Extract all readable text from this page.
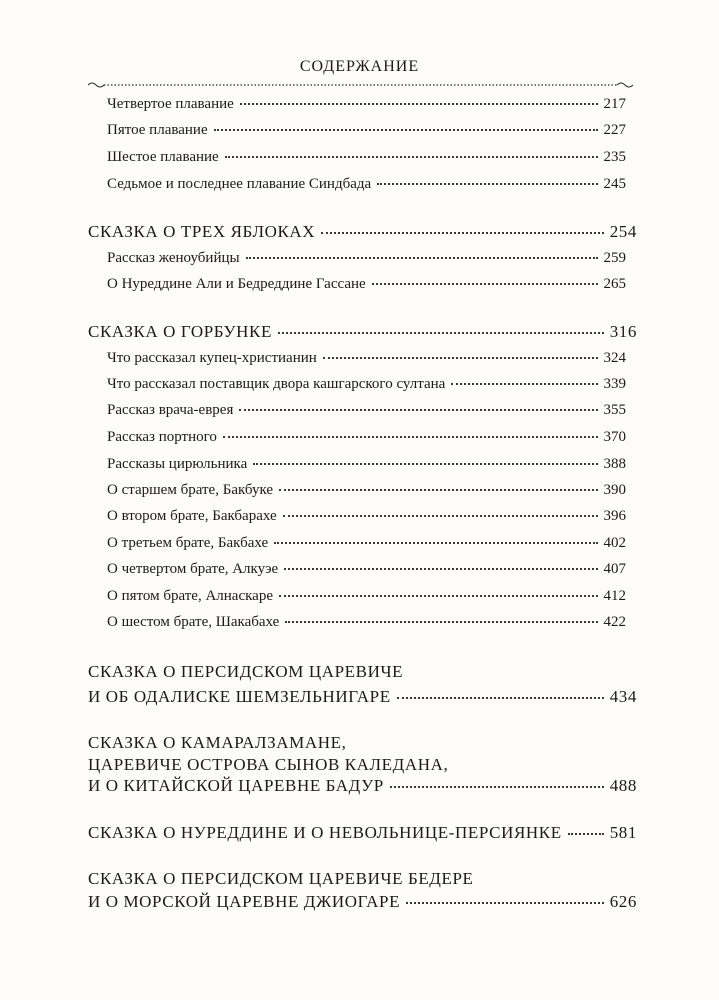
СОДЕРЖАНИЕ
Четвертое плавание	217
Пятое плавание	227
Шестое плавание	235
Седьмое и последнее плавание Синдбада	245
СКАЗКА О ТРЕХ ЯБЛОКАХ	254
Рассказ женоубийцы	259
О Нуреддине Али и Бедреддине Гассане	265
СКАЗКА О ГОРБУНКЕ	316
Что рассказал купец-христианин	324
Что рассказал поставщик двора кашгарского султана	339
Рассказ врача-еврея	355
Рассказ портного	370
Рассказы цирюльника	388
О старшем брате, Бакбуке	390
О втором брате, Бакбарахе	396
О третьем брате, Бакбахе	402
О четвертом брате, Алкуэе	407
О пятом брате, Алнаскаре	412
О шестом брате, Шакабахе	422
СКАЗКА О ПЕРСИДСКОМ ЦАРЕВИЧЕ
И ОБ ОДАЛИСКЕ ШЕМЗЕЛЬНИГАРЕ	434
СКАЗКА О КАМАРАЛЗАМАНЕ,
ЦАРЕВИЧЕ ОСТРОВА СЫНОВ КАЛЕДАНА,
И О КИТАЙСКОЙ ЦАРЕВНЕ БАДУР	488
СКАЗКА О НУРЕДДИНЕ И О НЕВОЛЬНИЦЕ-ПЕРСИЯНКЕ	581
СКАЗКА О ПЕРСИДСКОМ ЦАРЕВИЧЕ БЕДЕРЕ
И О МОРСКОЙ ЦАРЕВНЕ ДЖИОГАРЕ	626
